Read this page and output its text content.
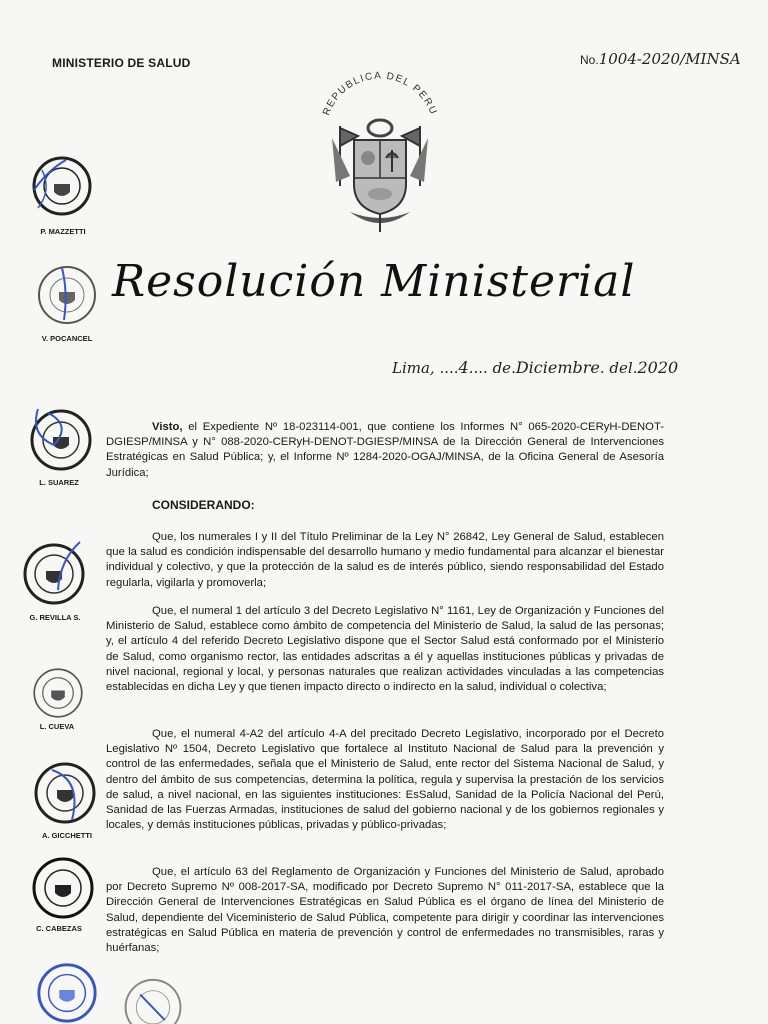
MINISTERIO DE SALUD	No.1004-2020/MINSA
REPUBLICA DEL PERU
Resolución Ministerial
Lima, ....4.... de.Diciembre. del.2020
P. MAZZETTI
V. POCANCEL
L. SUAREZ
G. REVILLA S.
L. CUEVA
A. GICCHETTI
C. CABEZAS

Visto, el Expediente Nº 18-023114-001, que contiene los Informes N° 065-2020-CERyH-DENOT-DGIESP/MINSA y N° 088-2020-CERyH-DENOT-DGIESP/MINSA de la Dirección General de Intervenciones Estratégicas en Salud Pública; y, el Informe Nº 1284-2020-OGAJ/MINSA, de la Oficina General de Asesoría Jurídica;

CONSIDERANDO:

Que, los numerales I y II del Título Preliminar de la Ley N° 26842, Ley General de Salud, establecen que la salud es condición indispensable del desarrollo humano y medio fundamental para alcanzar el bienestar individual y colectivo, y que la protección de la salud es de interés público, siendo responsabilidad del Estado regularla, vigilarla y promoverla;

Que, el numeral 1 del artículo 3 del Decreto Legislativo N° 1161, Ley de Organización y Funciones del Ministerio de Salud, establece como ámbito de competencia del Ministerio de Salud, la salud de las personas; y, el artículo 4 del referido Decreto Legislativo dispone que el Sector Salud está conformado por el Ministerio de Salud, como organismo rector, las entidades adscritas a él y aquellas instituciones públicas y privadas de nivel nacional, regional y local, y personas naturales que realizan actividades vinculadas a las competencias establecidas en dicha Ley y que tienen impacto directo o indirecto en la salud, individual o colectiva;

Que, el numeral 4-A2 del artículo 4-A del precitado Decreto Legislativo, incorporado por el Decreto Legislativo Nº 1504, Decreto Legislativo que fortalece al Instituto Nacional de Salud para la prevención y control de las enfermedades, señala que el Ministerio de Salud, ente rector del Sistema Nacional de Salud, y dentro del ámbito de sus competencias, determina la política, regula y supervisa la prestación de los servicios de salud, a nivel nacional, en las siguientes instituciones: EsSalud, Sanidad de la Policía Nacional del Perú, Sanidad de las Fuerzas Armadas, instituciones de salud del gobierno nacional y de los gobiernos regionales y locales, y demás instituciones públicas, privadas y público-privadas;

Que, el artículo 63 del Reglamento de Organización y Funciones del Ministerio de Salud, aprobado por Decreto Supremo Nº 008-2017-SA, modificado por Decreto Supremo N° 011-2017-SA, establece que la Dirección General de Intervenciones Estratégicas en Salud Pública es el órgano de línea del Ministerio de Salud, dependiente del Viceministerio de Salud Pública, competente para dirigir y coordinar las intervenciones estratégicas en Salud Pública en materia de prevención y control de enfermedades no transmisibles, raras y huérfanas;
